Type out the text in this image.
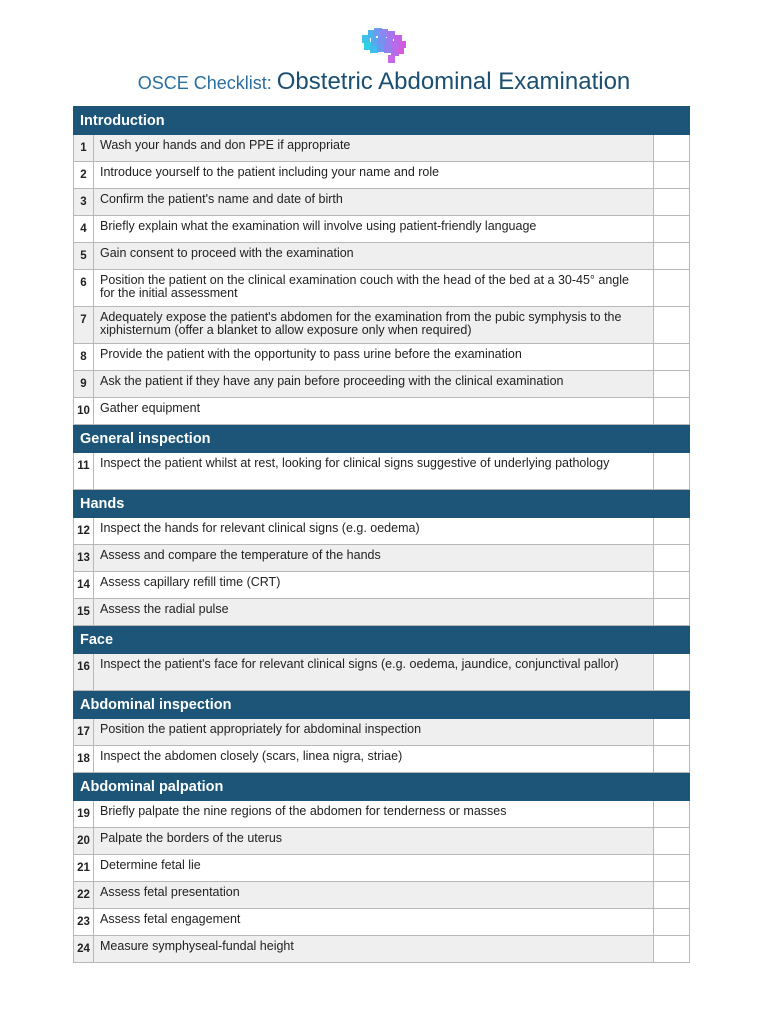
OSCE Checklist: Obstetric Abdominal Examination
Introduction		
1	Wash your hands and don PPE if appropriate	
2	Introduce yourself to the patient including your name and role	
3	Confirm the patient's name and date of birth	
4	Briefly explain what the examination will involve using patient-friendly language	
5	Gain consent to proceed with the examination	
6	Position the patient on the clinical examination couch with the head of the bed at a 30-45° angle for the initial assessment	
7	Adequately expose the patient's abdomen for the examination from the pubic symphysis to the xiphisternum (offer a blanket to allow exposure only when required)	
8	Provide the patient with the opportunity to pass urine before the examination	
9	Ask the patient if they have any pain before proceeding with the clinical examination	
10	Gather equipment	
General inspection		
11	Inspect the patient whilst at rest, looking for clinical signs suggestive of underlying pathology	
Hands		
12	Inspect the hands for relevant clinical signs (e.g. oedema)	
13	Assess and compare the temperature of the hands	
14	Assess capillary refill time (CRT)	
15	Assess the radial pulse	
Face		
16	Inspect the patient's face for relevant clinical signs (e.g. oedema, jaundice, conjunctival pallor)	
Abdominal inspection		
17	Position the patient appropriately for abdominal inspection	
18	Inspect the abdomen closely (scars, linea nigra, striae)	
Abdominal palpation		
19	Briefly palpate the nine regions of the abdomen for tenderness or masses	
20	Palpate the borders of the uterus	
21	Determine fetal lie	
22	Assess fetal presentation	
23	Assess fetal engagement	
24	Measure symphyseal-fundal height	
